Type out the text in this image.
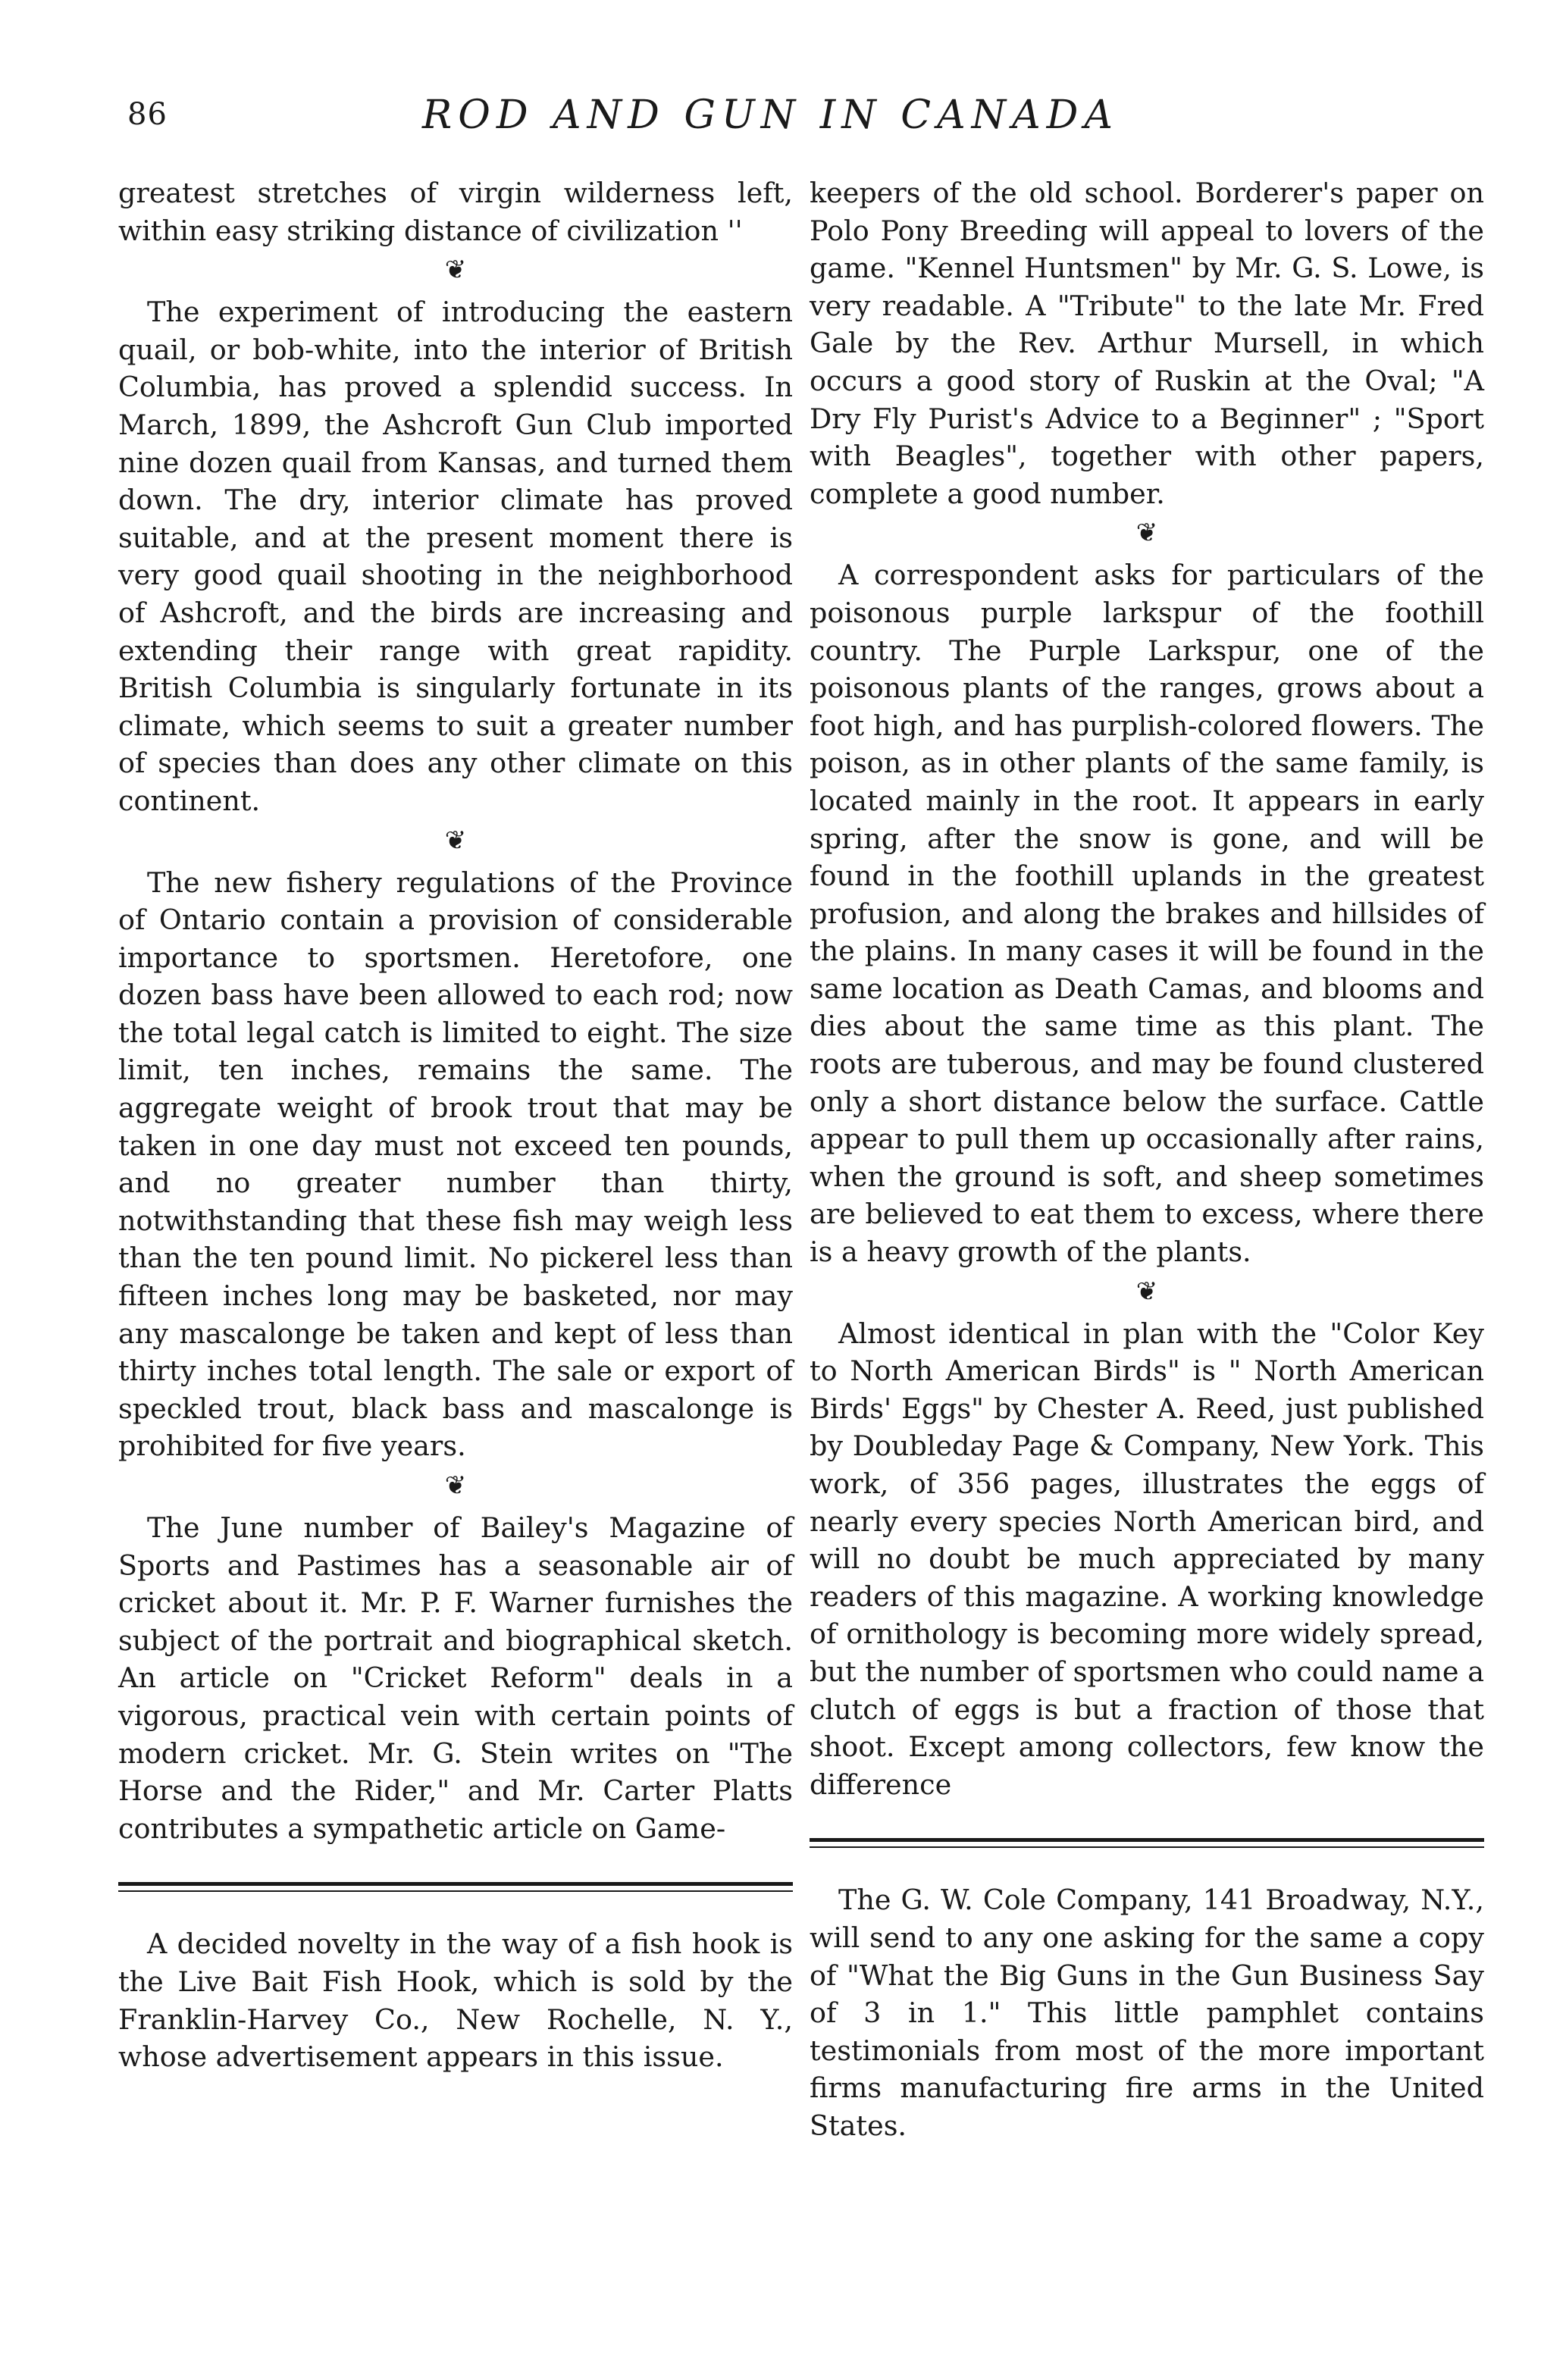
86	ROD AND GUN IN CANADA

greatest stretches of virgin wilderness left, within easy striking distance of civilization ''

❦

The experiment of introducing the eastern quail, or bob-white, into the interior of British Columbia, has proved a splendid success. In March, 1899, the Ashcroft Gun Club imported nine dozen quail from Kansas, and turned them down. The dry, interior climate has proved suitable, and at the present moment there is very good quail shooting in the neighborhood of Ashcroft, and the birds are increasing and extending their range with great rapidity. British Columbia is singularly fortunate in its climate, which seems to suit a greater number of species than does any other climate on this continent.

❦

The new fishery regulations of the Province of Ontario contain a provision of considerable importance to sportsmen. Heretofore, one dozen bass have been allowed to each rod; now the total legal catch is limited to eight. The size limit, ten inches, remains the same. The aggregate weight of brook trout that may be taken in one day must not exceed ten pounds, and no greater number than thirty, notwithstanding that these fish may weigh less than the ten pound limit. No pickerel less than fifteen inches long may be basketed, nor may any mascalonge be taken and kept of less than thirty inches total length. The sale or export of speckled trout, black bass and mascalonge is prohibited for five years.

❦

The June number of Bailey's Magazine of Sports and Pastimes has a seasonable air of cricket about it. Mr. P. F. Warner furnishes the subject of the portrait and biographical sketch. An article on "Cricket Reform" deals in a vigorous, practical vein with certain points of modern cricket. Mr. G. Stein writes on "The Horse and the Rider," and Mr. Carter Platts contributes a sympathetic article on Game-

A decided novelty in the way of a fish hook is the Live Bait Fish Hook, which is sold by the Franklin-Harvey Co., New Rochelle, N. Y., whose advertisement appears in this issue.

keepers of the old school. Borderer's paper on Polo Pony Breeding will appeal to lovers of the game. "Kennel Huntsmen" by Mr. G. S. Lowe, is very readable. A "Tribute" to the late Mr. Fred Gale by the Rev. Arthur Mursell, in which occurs a good story of Ruskin at the Oval; "A Dry Fly Purist's Advice to a Beginner" ; "Sport with Beagles", together with other papers, complete a good number.

❦

A correspondent asks for particulars of the poisonous purple larkspur of the foothill country. The Purple Larkspur, one of the poisonous plants of the ranges, grows about a foot high, and has purplish-colored flowers. The poison, as in other plants of the same family, is located mainly in the root. It appears in early spring, after the snow is gone, and will be found in the foothill uplands in the greatest profusion, and along the brakes and hillsides of the plains. In many cases it will be found in the same location as Death Camas, and blooms and dies about the same time as this plant. The roots are tuberous, and may be found clustered only a short distance below the surface. Cattle appear to pull them up occasionally after rains, when the ground is soft, and sheep sometimes are believed to eat them to excess, where there is a heavy growth of the plants.

❦

Almost identical in plan with the "Color Key to North American Birds" is " North American Birds' Eggs" by Chester A. Reed, just published by Doubleday Page & Company, New York. This work, of 356 pages, illustrates the eggs of nearly every species North American bird, and will no doubt be much appreciated by many readers of this magazine. A working knowledge of ornithology is becoming more widely spread, but the number of sportsmen who could name a clutch of eggs is but a fraction of those that shoot. Except among collectors, few know the difference

The G. W. Cole Company, 141 Broadway, N.Y., will send to any one asking for the same a copy of "What the Big Guns in the Gun Business Say of 3 in 1." This little pamphlet contains testimonials from most of the more important firms manufacturing fire arms in the United States.
